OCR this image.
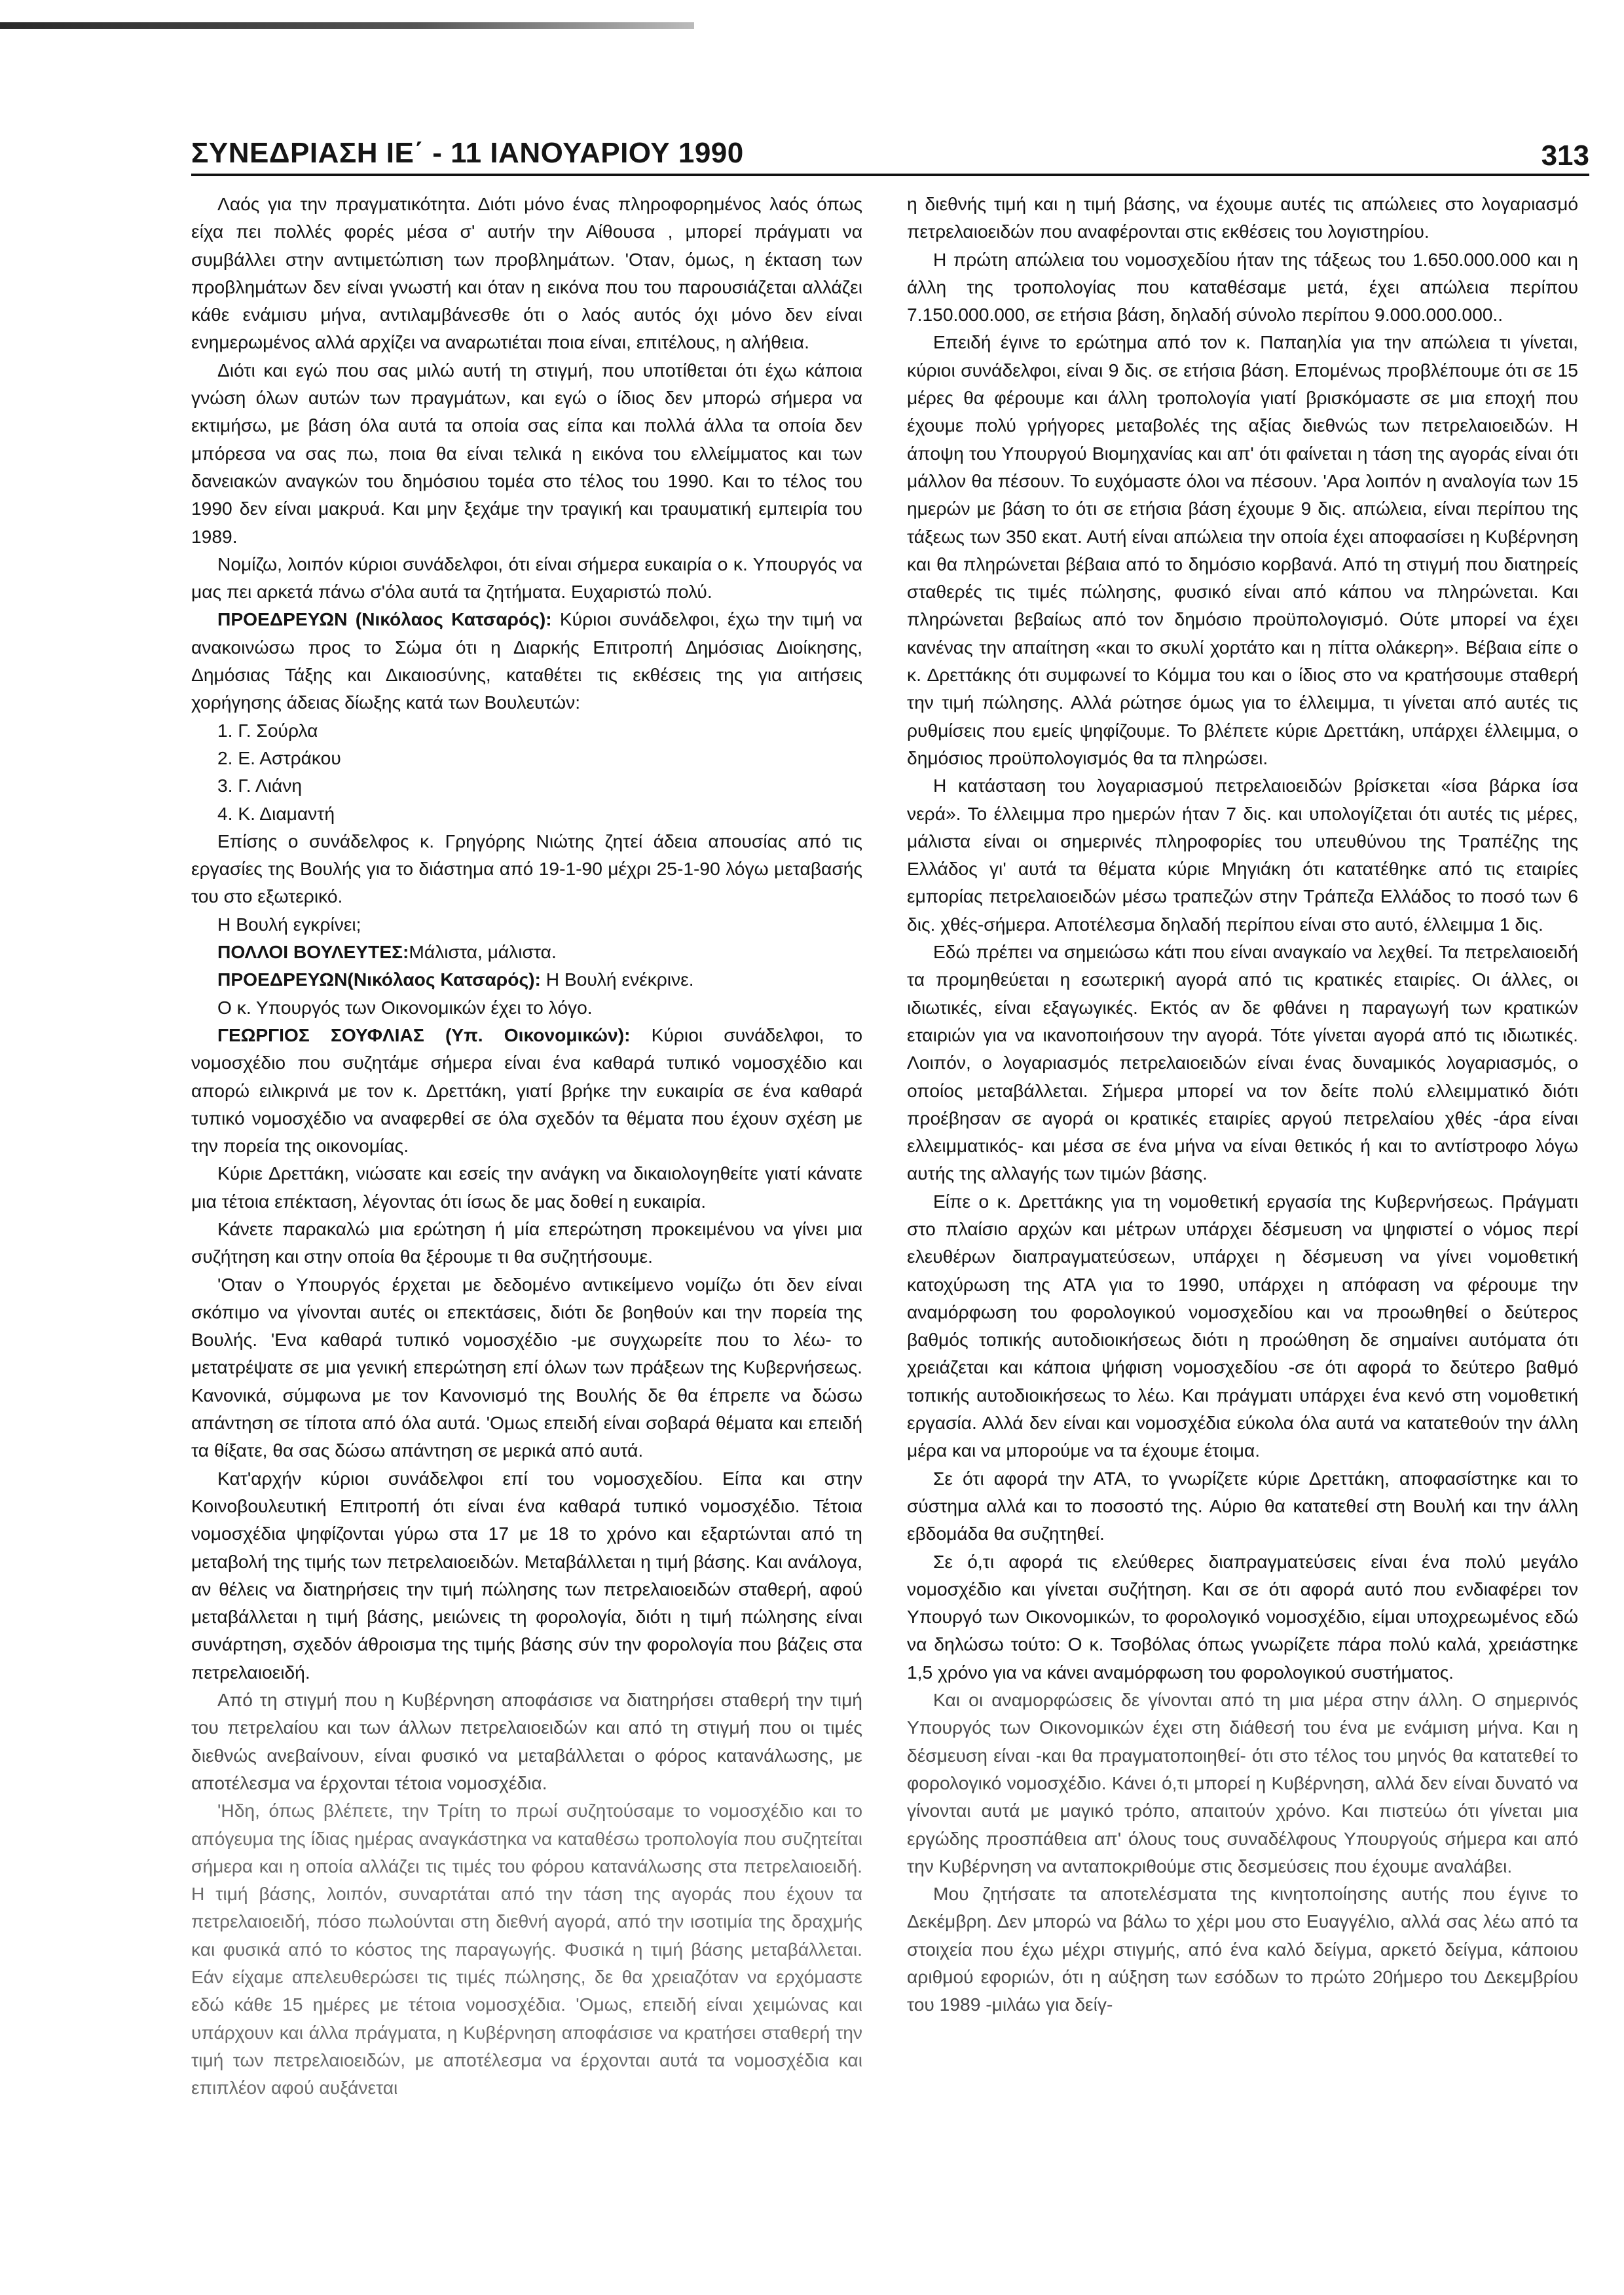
ΣΥΝΕΔΡΙΑΣΗ ΙΕ΄ - 11 ΙΑΝΟΥΑΡΙΟΥ 1990	313

Λαός για την πραγματικότητα. Διότι μόνο ένας πληροφορημένος λαός όπως είχα πει πολλές φορές μέσα σ' αυτήν την Αίθουσα , μπορεί πράγματι να συμβάλλει στην αντιμετώπιση των προβλημάτων. 'Οταν, όμως, η έκταση των προβλημάτων δεν είναι γνωστή και όταν η εικόνα που του παρουσιάζεται αλλάζει κάθε ενάμισυ μήνα, αντιλαμβάνεσθε ότι ο λαός αυτός όχι μόνο δεν είναι ενημερωμένος αλλά αρχίζει να αναρωτιέται ποια είναι, επιτέλους, η αλήθεια.

Διότι και εγώ που σας μιλώ αυτή τη στιγμή, που υποτίθεται ότι έχω κάποια γνώση όλων αυτών των πραγμάτων, και εγώ ο ίδιος δεν μπορώ σήμερα να εκτιμήσω, με βάση όλα αυτά τα οποία σας είπα και πολλά άλλα τα οποία δεν μπόρεσα να σας πω, ποια θα είναι τελικά η εικόνα του ελλείμματος και των δανειακών αναγκών του δημόσιου τομέα στο τέλος του 1990. Και το τέλος του 1990 δεν είναι μακρυά. Και μην ξεχάμε την τραγική και τραυματική εμπειρία του 1989.

Νομίζω, λοιπόν κύριοι συνάδελφοι, ότι είναι σήμερα ευκαιρία ο κ. Υπουργός να μας πει αρκετά πάνω σ'όλα αυτά τα ζητήματα. Ευχαριστώ πολύ.

ΠΡΟΕΔΡΕΥΩΝ (Νικόλαος Κατσαρός): Κύριοι συνάδελφοι, έχω την τιμή να ανακοινώσω προς το Σώμα ότι η Διαρκής Επιτροπή Δημόσιας Διοίκησης, Δημόσιας Τάξης και Δικαιοσύνης, καταθέτει τις εκθέσεις της για αιτήσεις χορήγησης άδειας δίωξης κατά των Βουλευτών:

1. Γ. Σούρλα

2. Ε. Αστράκου

3. Γ. Λιάνη

4. Κ. Διαμαντή

Επίσης ο συνάδελφος κ. Γρηγόρης Νιώτης ζητεί άδεια απουσίας από τις εργασίες της Βουλής για το διάστημα από 19-1-90 μέχρι 25-1-90 λόγω μεταβασής του στο εξωτερικό.

Η Βουλή εγκρίνει;

ΠΟΛΛΟΙ ΒΟΥΛΕΥΤΕΣ:Μάλιστα, μάλιστα.

ΠΡΟΕΔΡΕΥΩΝ(Νικόλαος Κατσαρός): Η Βουλή ενέκρινε.

Ο κ. Υπουργός των Οικονομικών έχει το λόγο.

ΓΕΩΡΓΙΟΣ ΣΟΥΦΛΙΑΣ (Υπ. Οικονομικών): Κύριοι συνάδελφοι, το νομοσχέδιο που συζητάμε σήμερα είναι ένα καθαρά τυπικό νομοσχέδιο και απορώ ειλικρινά με τον κ. Δρεττάκη, γιατί βρήκε την ευκαιρία σε ένα καθαρά τυπικό νομοσχέδιο να αναφερθεί σε όλα σχεδόν τα θέματα που έχουν σχέση με την πορεία της οικονομίας.

Κύριε Δρεττάκη, νιώσατε και εσείς την ανάγκη να δικαιολογηθείτε γιατί κάνατε μια τέτοια επέκταση, λέγοντας ότι ίσως δε μας δοθεί η ευκαιρία.

Κάνετε παρακαλώ μια ερώτηση ή μία επερώτηση προκειμένου να γίνει μια συζήτηση και στην οποία θα ξέρουμε τι θα συζητήσουμε.

'Οταν ο Υπουργός έρχεται με δεδομένο αντικείμενο νομίζω ότι δεν είναι σκόπιμο να γίνονται αυτές οι επεκτάσεις, διότι δε βοηθούν και την πορεία της Βουλής. 'Ενα καθαρά τυπικό νομοσχέδιο -με συγχωρείτε που το λέω- το μετατρέψατε σε μια γενική επερώτηση επί όλων των πράξεων της Κυβερνήσεως. Κανονικά, σύμφωνα με τον Κανονισμό της Βουλής δε θα έπρεπε να δώσω απάντηση σε τίποτα από όλα αυτά. 'Ομως επειδή είναι σοβαρά θέματα και επειδή τα θίξατε, θα σας δώσω απάντηση σε μερικά από αυτά.

Κατ'αρχήν κύριοι συνάδελφοι επί του νομοσχεδίου. Είπα και στην Κοινοβουλευτική Επιτροπή ότι είναι ένα καθαρά τυπικό νομοσχέδιο. Τέτοια νομοσχέδια ψηφίζονται γύρω στα 17 με 18 το χρόνο και εξαρτώνται από τη μεταβολή της τιμής των πετρελαιοειδών. Μεταβάλλεται η τιμή βάσης. Και ανάλογα, αν θέλεις να διατηρήσεις την τιμή πώλησης των πετρελαιοειδών σταθερή, αφού μεταβάλλεται η τιμή βάσης, μειώνεις τη φορολογία, διότι η τιμή πώλησης είναι συνάρτηση, σχεδόν άθροισμα της τιμής βάσης σύν την φορολογία που βάζεις στα πετρελαιοειδή.

Από τη στιγμή που η Κυβέρνηση αποφάσισε να διατηρήσει σταθερή την τιμή του πετρελαίου και των άλλων πετρελαιοειδών και από τη στιγμή που οι τιμές διεθνώς ανεβαίνουν, είναι φυσικό να μεταβάλλεται ο φόρος κατανάλωσης, με αποτέλεσμα να έρχονται τέτοια νομοσχέδια.

'Ηδη, όπως βλέπετε, την Τρίτη το πρωί συζητούσαμε το νομοσχέδιο και το απόγευμα της ίδιας ημέρας αναγκάστηκα να καταθέσω τροπολογία που συζητείται σήμερα και η οποία αλλάζει τις τιμές του φόρου κατανάλωσης στα πετρελαιοειδή. Η τιμή βάσης, λοιπόν, συναρτάται από την τάση της αγοράς που έχουν τα πετρελαιοειδή, πόσο πωλούνται στη διεθνή αγορά, από την ισοτιμία της δραχμής και φυσικά από το κόστος της παραγωγής. Φυσικά η τιμή βάσης μεταβάλλεται. Εάν είχαμε απελευθερώσει τις τιμές πώλησης, δε θα χρειαζόταν να ερχόμαστε εδώ κάθε 15 ημέρες με τέτοια νομοσχέδια. 'Ομως, επειδή είναι χειμώνας και υπάρχουν και άλλα πράγματα, η Κυβέρνηση αποφάσισε να κρατήσει σταθερή την τιμή των πετρελαιοειδών, με αποτέλεσμα να έρχονται αυτά τα νομοσχέδια και επιπλέον αφού αυξάνεται

η διεθνής τιμή και η τιμή βάσης, να έχουμε αυτές τις απώλειες στο λογαριασμό πετρελαιοειδών που αναφέρονται στις εκθέσεις του λογιστηρίου.

Η πρώτη απώλεια του νομοσχεδίου ήταν της τάξεως του 1.650.000.000 και η άλλη της τροπολογίας που καταθέσαμε μετά, έχει απώλεια περίπου 7.150.000.000, σε ετήσια βάση, δηλαδή σύνολο περίπου 9.000.000.000..

Επειδή έγινε το ερώτημα από τον κ. Παπαηλία για την απώλεια τι γίνεται, κύριοι συνάδελφοι, είναι 9 δις. σε ετήσια βάση. Επομένως προβλέπουμε ότι σε 15 μέρες θα φέρουμε και άλλη τροπολογία γιατί βρισκόμαστε σε μια εποχή που έχουμε πολύ γρήγορες μεταβολές της αξίας διεθνώς των πετρελαιοειδών. Η άποψη του Υπουργού Βιομηχανίας και απ' ότι φαίνεται η τάση της αγοράς είναι ότι μάλλον θα πέσουν. Το ευχόμαστε όλοι να πέσουν. 'Αρα λοιπόν η αναλογία των 15 ημερών με βάση το ότι σε ετήσια βάση έχουμε 9 δις. απώλεια, είναι περίπου της τάξεως των 350 εκατ. Αυτή είναι απώλεια την οποία έχει αποφασίσει η Κυβέρνηση και θα πληρώνεται βέβαια από το δημόσιο κορβανά. Από τη στιγμή που διατηρείς σταθερές τις τιμές πώλησης, φυσικό είναι από κάπου να πληρώνεται. Και πληρώνεται βεβαίως από τον δημόσιο προϋπολογισμό. Ούτε μπορεί να έχει κανένας την απαίτηση «και το σκυλί χορτάτο και η πίττα ολάκερη». Βέβαια είπε ο κ. Δρεττάκης ότι συμφωνεί το Κόμμα του και ο ίδιος στο να κρατήσουμε σταθερή την τιμή πώλησης. Αλλά ρώτησε όμως για το έλλειμμα, τι γίνεται από αυτές τις ρυθμίσεις που εμείς ψηφίζουμε. Το βλέπετε κύριε Δρεττάκη, υπάρχει έλλειμμα, ο δημόσιος προϋπολογισμός θα τα πληρώσει.

Η κατάσταση του λογαριασμού πετρελαιοειδών βρίσκεται «ίσα βάρκα ίσα νερά». Το έλλειμμα προ ημερών ήταν 7 δις. και υπολογίζεται ότι αυτές τις μέρες, μάλιστα είναι οι σημερινές πληροφορίες του υπευθύνου της Τραπέζης της Ελλάδος γι' αυτά τα θέματα κύριε Μηγιάκη ότι κατατέθηκε από τις εταιρίες εμπορίας πετρελαιοειδών μέσω τραπεζών στην Τράπεζα Ελλάδος το ποσό των 6 δις. χθές-σήμερα. Αποτέλεσμα δηλαδή περίπου είναι στο αυτό, έλλειμμα 1 δις.

Εδώ πρέπει να σημειώσω κάτι που είναι αναγκαίο να λεχθεί. Τα πετρελαιοειδή τα προμηθεύεται η εσωτερική αγορά από τις κρατικές εταιρίες. Οι άλλες, οι ιδιωτικές, είναι εξαγωγικές. Εκτός αν δε φθάνει η παραγωγή των κρατικών εταιριών για να ικανοποιήσουν την αγορά. Τότε γίνεται αγορά από τις ιδιωτικές. Λοιπόν, ο λογαριασμός πετρελαιοειδών είναι ένας δυναμικός λογαριασμός, ο οποίος μεταβάλλεται. Σήμερα μπορεί να τον δείτε πολύ ελλειμματικό διότι προέβησαν σε αγορά οι κρατικές εταιρίες αργού πετρελαίου χθές -άρα είναι ελλειμματικός- και μέσα σε ένα μήνα να είναι θετικός ή και το αντίστροφο λόγω αυτής της αλλαγής των τιμών βάσης.

Είπε ο κ. Δρεττάκης για τη νομοθετική εργασία της Κυβερνήσεως. Πράγματι στο πλαίσιο αρχών και μέτρων υπάρχει δέσμευση να ψηφιστεί ο νόμος περί ελευθέρων διαπραγματεύσεων, υπάρχει η δέσμευση να γίνει νομοθετική κατοχύρωση της ΑΤΑ για το 1990, υπάρχει η απόφαση να φέρουμε την αναμόρφωση του φορολογικού νομοσχεδίου και να προωθηθεί ο δεύτερος βαθμός τοπικής αυτοδιοικήσεως διότι η προώθηση δε σημαίνει αυτόματα ότι χρειάζεται και κάποια ψήφιση νομοσχεδίου -σε ότι αφορά το δεύτερο βαθμό τοπικής αυτοδιοικήσεως το λέω. Και πράγματι υπάρχει ένα κενό στη νομοθετική εργασία. Αλλά δεν είναι και νομοσχέδια εύκολα όλα αυτά να κατατεθούν την άλλη μέρα και να μπορούμε να τα έχουμε έτοιμα.

Σε ότι αφορά την ΑΤΑ, το γνωρίζετε κύριε Δρεττάκη, αποφασίστηκε και το σύστημα αλλά και το ποσοστό της. Αύριο θα κατατεθεί στη Βουλή και την άλλη εβδομάδα θα συζητηθεί.

Σε ό,τι αφορά τις ελεύθερες διαπραγματεύσεις είναι ένα πολύ μεγάλο νομοσχέδιο και γίνεται συζήτηση. Και σε ότι αφορά αυτό που ενδιαφέρει τον Υπουργό των Οικονομικών, το φορολογικό νομοσχέδιο, είμαι υποχρεωμένος εδώ να δηλώσω τούτο: Ο κ. Τσοβόλας όπως γνωρίζετε πάρα πολύ καλά, χρειάστηκε 1,5 χρόνο για να κάνει αναμόρφωση του φορολογικού συστήματος.

Και οι αναμορφώσεις δε γίνονται από τη μια μέρα στην άλλη. Ο σημερινός Υπουργός των Οικονομικών έχει στη διάθεσή του ένα με ενάμιση μήνα. Και η δέσμευση είναι -και θα πραγματοποιηθεί- ότι στο τέλος του μηνός θα κατατεθεί το φορολογικό νομοσχέδιο. Κάνει ό,τι μπορεί η Κυβέρνηση, αλλά δεν είναι δυνατό να γίνονται αυτά με μαγικό τρόπο, απαιτούν χρόνο. Και πιστεύω ότι γίνεται μια εργώδης προσπάθεια απ' όλους τους συναδέλφους Υπουργούς σήμερα και από την Κυβέρνηση να ανταποκριθούμε στις δεσμεύσεις που έχουμε αναλάβει.

Μου ζητήσατε τα αποτελέσματα της κινητοποίησης αυτής που έγινε το Δεκέμβρη. Δεν μπορώ να βάλω το χέρι μου στο Ευαγγέλιο, αλλά σας λέω από τα στοιχεία που έχω μέχρι στιγμής, από ένα καλό δείγμα, αρκετό δείγμα, κάποιου αριθμού εφοριών, ότι η αύξηση των εσόδων το πρώτο 20ήμερο του Δεκεμβρίου του 1989 -μιλάω για δείγ-
